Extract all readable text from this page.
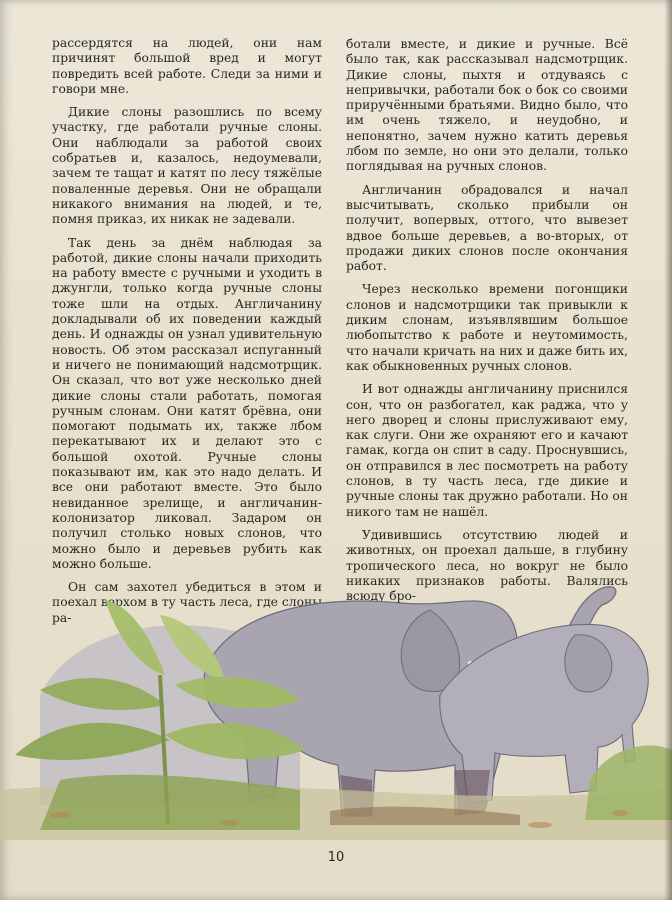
рассердятся на людей, они нам причинят большой вред и могут повредить всей работе. Следи за ними и говори мне.

Дикие слоны разошлись по всему участку, где работали ручные слоны. Они наблюдали за работой своих собратьев и, казалось, недоумевали, зачем те тащат и катят по лесу тяжёлые поваленные деревья. Они не обращали никакого внимания на людей, и те, помня приказ, их никак не задевали.

Так день за днём наблюдая за работой, дикие слоны начали приходить на работу вместе с ручными и уходить в джунгли, только когда ручные слоны тоже шли на отдых. Англичанину докладывали об их поведении каждый день. И однажды он узнал удивительную новость. Об этом рассказал испуганный и ничего не понимающий надсмотрщик. Он сказал, что вот уже несколько дней дикие слоны стали работать, помогая ручным слонам. Они катят брёвна, они помогают подымать их, также лбом перекатывают их и делают это с большой охотой. Ручные слоны показывают им, как это надо делать. И все они работают вместе. Это было невиданное зрелище, и англичанин-колонизатор ликовал. Задаром он получил столько новых слонов, что можно было и деревьев рубить как можно больше.

Он сам захотел убедиться в этом и поехал верхом в ту часть леса, где слоны ра-

ботали вместе, и дикие и ручные. Всё было так, как рассказывал надсмотрщик. Дикие слоны, пыхтя и отдуваясь с непривычки, работали бок о бок со своими приручёнными братьями. Видно было, что им очень тяжело, и неудобно, и непонятно, зачем нужно катить деревья лбом по земле, но они это делали, только поглядывая на ручных слонов.

Англичанин обрадовался и начал высчитывать, сколько прибыли он получит, вопервых, оттого, что вывезет вдвое больше деревьев, а во-вторых, от продажи диких слонов после окончания работ.

Через несколько времени погонщики слонов и надсмотрщики так привыкли к диким слонам, изъявлявшим большое любопытство к работе и неутомимость, что начали кричать на них и даже бить их, как обыкновенных ручных слонов.

И вот однажды англичанину приснился сон, что он разбогател, как раджа, что у него дворец и слоны прислуживают ему, как слуги. Они же охраняют его и качают гамак, когда он спит в саду. Проснувшись, он отправился в лес посмотреть на работу слонов, в ту часть леса, где дикие и ручные слоны так дружно работали. Но он никого там не нашёл.

Удивившись отсутствию людей и животных, он проехал дальше, в глубину тропического леса, но вокруг не было никаких признаков работы. Валялись всюду бро-

10
